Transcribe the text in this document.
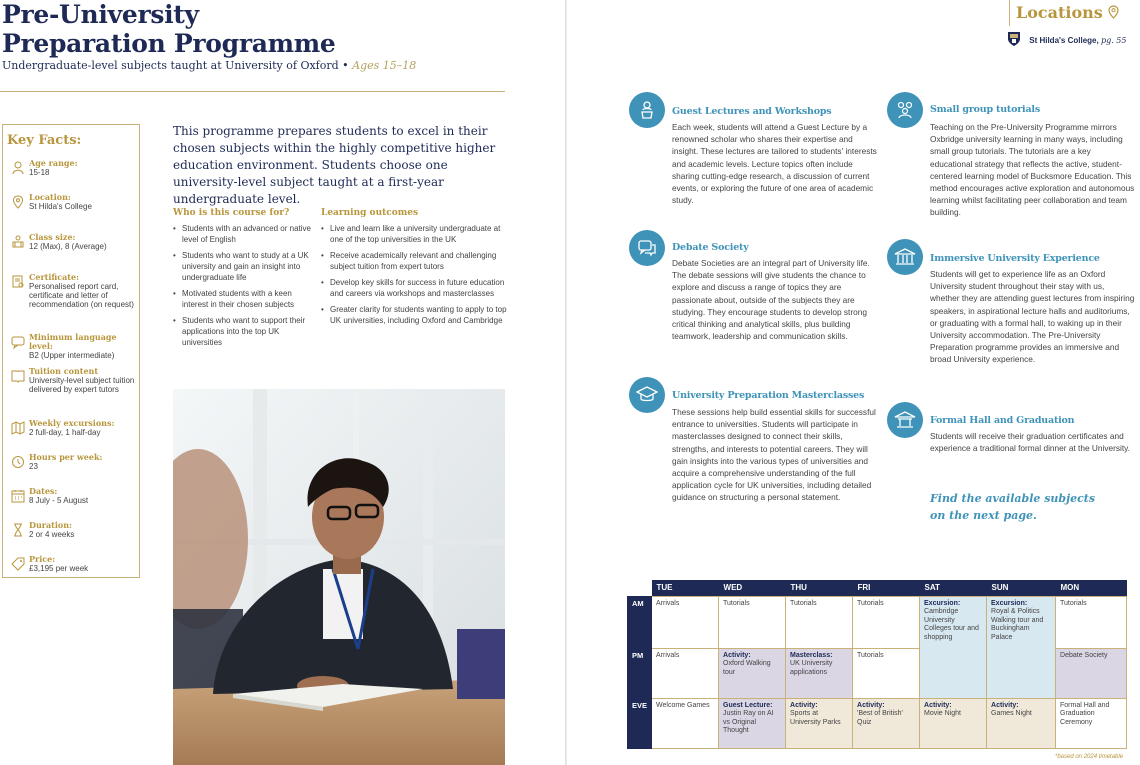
Pre-University
Preparation Programme
Undergraduate-level subjects taught at University of Oxford • Ages 15–18
Key Facts:
Age range:
15-18
Location:
St Hilda's College
Class size:
12 (Max), 8 (Average)
Certificate:
Personalised report card, certificate and letter of recommendation (on request)
Minimum language level:
B2 (Upper intermediate)
Tuition content
University-level subject tuition delivered by expert tutors
Weekly excursions:
2 full-day, 1 half-day
Hours per week:
23
Dates:
8 July - 5 August
Duration:
2 or 4 weeks
Price:
£3,195 per week
This programme prepares students to excel in their chosen subjects within the highly competitive higher education environment. Students choose one university-level subject taught at a first-year undergraduate level.
Who is this course for?
• Students with an advanced or native level of English
• Students who want to study at a UK university and gain an insight into undergraduate life
• Motivated students with a keen interest in their chosen subjects
• Students who want to support their applications into the top UK universities
Learning outcomes
• Live and learn like a university undergraduate at one of the top universities in the UK
• Receive academically relevant and challenging subject tuition from expert tutors
• Develop key skills for success in future education and careers via workshops and masterclasses
• Greater clarity for students wanting to apply to top UK universities, including Oxford and Cambridge
Locations
St Hilda's College, pg. 55
Guest Lectures and Workshops
Each week, students will attend a Guest Lecture by a renowned scholar who shares their expertise and insight. These lectures are tailored to students' interests and academic levels. Lecture topics often include sharing cutting-edge research, a discussion of current events, or exploring the future of one area of academic study.
Debate Society
Debate Societies are an integral part of University life. The debate sessions will give students the chance to explore and discuss a range of topics they are passionate about, outside of the subjects they are studying. They encourage students to develop strong critical thinking and analytical skills, plus building teamwork, leadership and communication skills.
University Preparation Masterclasses
These sessions help build essential skills for successful entrance to universities. Students will participate in masterclasses designed to connect their skills, strengths, and interests to potential careers. They will gain insights into the various types of universities and acquire a comprehensive understanding of the full application cycle for UK universities, including detailed guidance on structuring a personal statement.
Small group tutorials
Teaching on the Pre-University Programme mirrors Oxbridge university learning in many ways, including small group tutorials. The tutorials are a key educational strategy that reflects the active, student-centered learning model of Bucksmore Education. This method encourages active exploration and autonomous learning whilst facilitating peer collaboration and team building.
Immersive University Experience
Students will get to experience life as an Oxford University student throughout their stay with us, whether they are attending guest lectures from inspiring speakers, in aspirational lecture halls and auditoriums, or graduating with a formal hall, to waking up in their University accommodation. The Pre-University Preparation programme provides an immersive and broad University experience.
Formal Hall and Graduation
Students will receive their graduation certificates and experience a traditional formal dinner at the University.
Find the available subjects
on the next page.
	TUE	WED	THU	FRI	SAT	SUN	MON
AM	Arrivals	Tutorials	Tutorials	Tutorials	Excursion:
Cambridge University Colleges tour and shopping	Excursion:
Royal & Politics Walking tour and Buckingham Palace	Tutorials
PM	Arrivals	Activity:
Oxford Walking tour	Masterclass:
UK University applications	Tutorials			Debate Society
EVE	Welcome Games	Guest Lecture:
Justin Ray on AI vs Original Thought	Activity:
Sports at University Parks	Activity:
'Best of British' Quiz	Activity:
Movie Night	Activity:
Games Night	Formal Hall and Graduation Ceremony
*based on 2024 timetable
